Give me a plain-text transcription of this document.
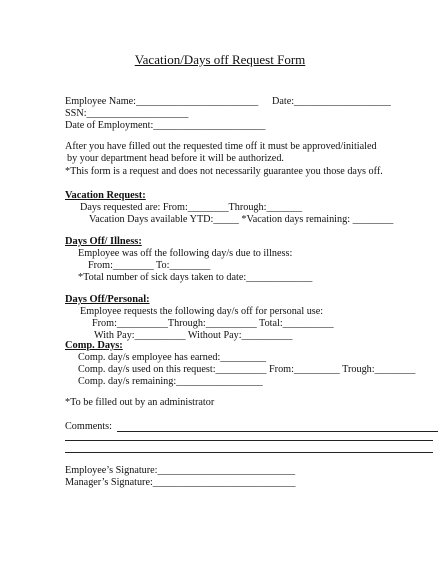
Vacation/Days off Request Form
Employee Name:________________________ Date:___________________
SSN:____________________
Date of Employment:______________________
After you have filled out the requested time off it must be approved/initialed
by your department head before it will be authorized.
*This form is a request and does not necessarily guarantee you those days off.
Vacation Request:
Days requested are: From:________Through:_______
Vacation Days available YTD:_____ *Vacation days remaining: ________
Days Off/ Illness:
Employee was off the following day/s due to illness:
From:________ To:________
*Total number of sick days taken to date:_____________
Days Off/Personal:
Employee requests the following day/s off for personal use:
From:__________Through:__________ Total:__________
With Pay:__________ Without Pay:__________
Comp. Days:
Comp. day/s employee has earned:_________
Comp. day/s used on this request:__________ From:_________ Trough:________
Comp. day/s remaining:_________________
*To be filled out by an administrator
Comments:
Employee’s Signature:___________________________
Manager’s Signature:____________________________
